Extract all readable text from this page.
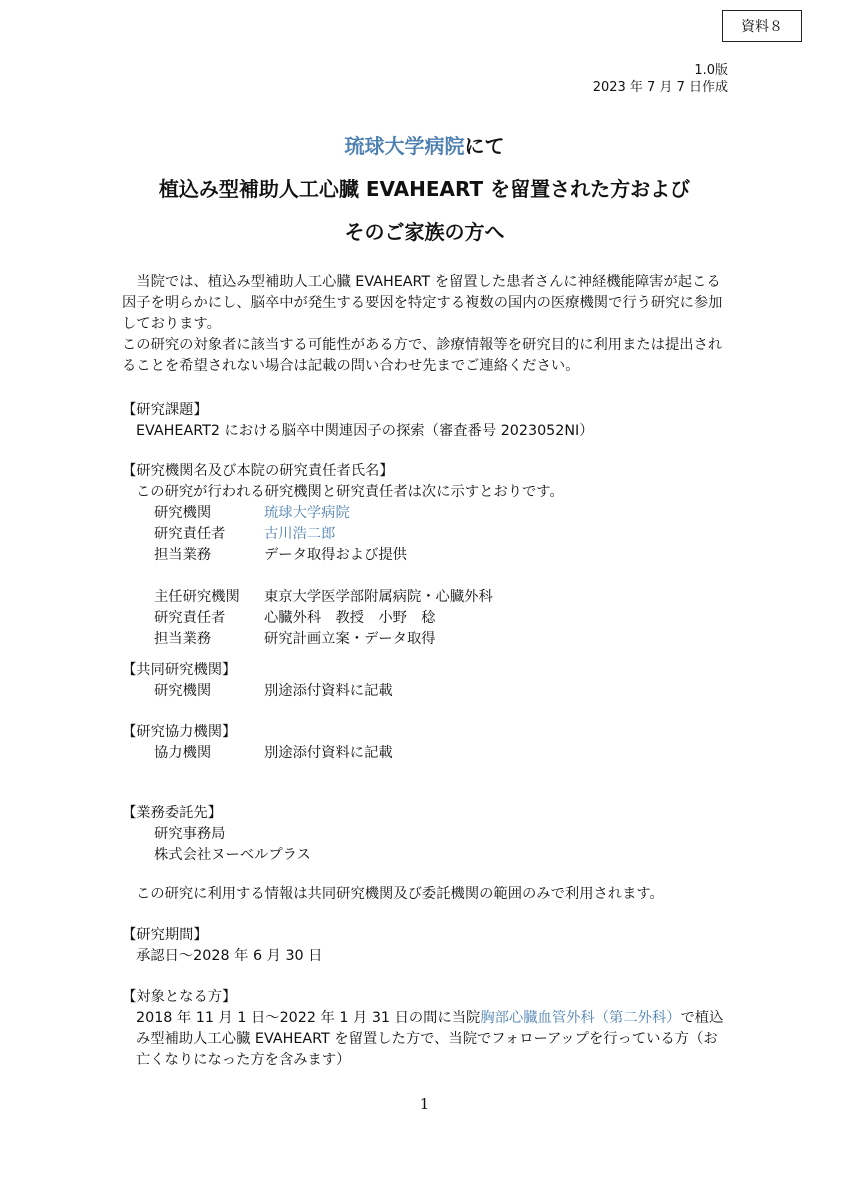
資料８
1.0版
2023 年 7 月 7 日作成
琉球大学病院にて
植込み型補助人工心臓 EVAHEART を留置された方および
そのご家族の方へ

　当院では、植込み型補助人工心臓 EVAHEART を留置した患者さんに神経機能障害が起こる因子を明らかにし、脳卒中が発生する要因を特定する複数の国内の医療機関で行う研究に参加しております。

この研究の対象者に該当する可能性がある方で、診療情報等を研究目的に利用または提出されることを希望されない場合は記載の問い合わせ先までご連絡ください。

【研究課題】
EVAHEART2 における脳卒中関連因子の探索（審査番号 2023052NI）
【研究機関名及び本院の研究責任者氏名】
この研究が行われる研究機関と研究責任者は次に示すとおりです。
研究機関	琉球大学病院
研究責任者	古川浩二郎
担当業務	データ取得および提供
主任研究機関	東京大学医学部附属病院・心臓外科
研究責任者	心臓外科　教授　小野　稔
担当業務	研究計画立案・データ取得
【共同研究機関】
研究機関	別途添付資料に記載
【研究協力機関】
協力機関	別途添付資料に記載
【業務委託先】
研究事務局
株式会社ヌーベルプラス
この研究に利用する情報は共同研究機関及び委託機関の範囲のみで利用されます。
【研究期間】
承認日～2028 年 6 月 30 日
【対象となる方】
2018 年 11 月 1 日～2022 年 1 月 31 日の間に当院胸部心臓血管外科（第二外科）で植込み型補助人工心臓 EVAHEART を留置した方で、当院でフォローアップを行っている方（お亡くなりになった方を含みます）
1
